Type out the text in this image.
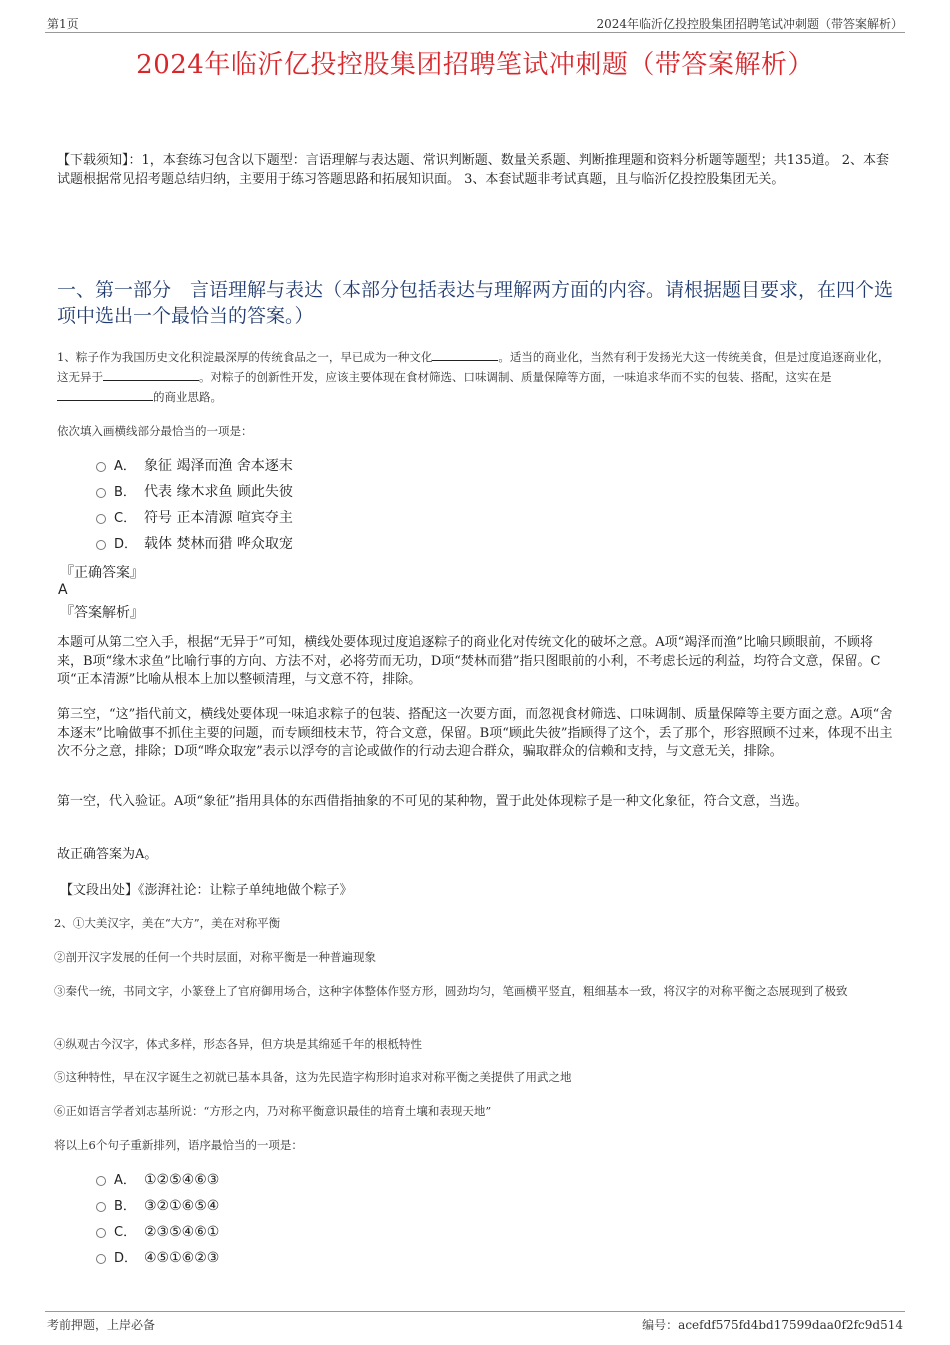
第1页	2024年临沂亿投控股集团招聘笔试冲刺题（带答案解析）
2024年临沂亿投控股集团招聘笔试冲刺题（带答案解析）
【下载须知】：1，本套练习包含以下题型：言语理解与表达题、常识判断题、数量关系题、判断推理题和资料分析题等题型；共135道。 2、本套试题根据常见招考题总结归纳，主要用于练习答题思路和拓展知识面。 3、本套试题非考试真题，且与临沂亿投控股集团无关。
一、第一部分　言语理解与表达（本部分包括表达与理解两方面的内容。请根据题目要求，在四个选项中选出一个最恰当的答案。）
1、粽子作为我国历史文化积淀最深厚的传统食品之一，早已成为一种文化	。适当的商业化，当然有利于发扬光大这一传统美食，但是过度追逐商业化，这无异于	。对粽子的创新性开发，应该主要体现在食材筛选、口味调制、质量保障等方面，一味追求华而不实的包装、搭配，这实在是的商业思路。
依次填入画横线部分最恰当的一项是：
A． 象征 竭泽而渔 舍本逐末
B． 代表 缘木求鱼 顾此失彼
C． 符号 正本清源 喧宾夺主
D． 载体 焚林而猎 哗众取宠
『正确答案』
A
『答案解析』
本题可从第二空入手，根据“无异于”可知，横线处要体现过度追逐粽子的商业化对传统文化的破坏之意。A项“竭泽而渔”比喻只顾眼前，不顾将来，B项“缘木求鱼”比喻行事的方向、方法不对，必将劳而无功，D项“焚林而猎”指只图眼前的小利，不考虑长远的利益，均符合文意，保留。C项“正本清源”比喻从根本上加以整顿清理，与文意不符，排除。
第三空，“这”指代前文，横线处要体现一味追求粽子的包装、搭配这一次要方面，而忽视食材筛选、口味调制、质量保障等主要方面之意。A项“舍本逐末”比喻做事不抓住主要的问题，而专顾细枝末节，符合文意，保留。B项“顾此失彼”指顾得了这个，丢了那个，形容照顾不过来，体现不出主次不分之意，排除；D项“哗众取宠”表示以浮夸的言论或做作的行动去迎合群众，骗取群众的信赖和支持，与文意无关，排除。
第一空，代入验证。A项“象征”指用具体的东西借指抽象的不可见的某种物，置于此处体现粽子是一种文化象征，符合文意，当选。
故正确答案为A。
【文段出处】《澎湃社论：让粽子单纯地做个粽子》
2、①大美汉字，美在“大方”，美在对称平衡
②剖开汉字发展的任何一个共时层面，对称平衡是一种普遍现象
③秦代一统，书同文字，小篆登上了官府御用场合，这种字体整体作竖方形，圆劲均匀，笔画横平竖直，粗细基本一致，将汉字的对称平衡之态展现到了极致
④纵观古今汉字，体式多样，形态各异，但方块是其绵延千年的根柢特性
⑤这种特性，早在汉字诞生之初就已基本具备，这为先民造字构形时追求对称平衡之美提供了用武之地
⑥正如语言学者刘志基所说：“方形之内，乃对称平衡意识最佳的培育土壤和表现天地”
将以上6个句子重新排列，语序最恰当的一项是：
A． ①②⑤④⑥③
B． ③②①⑥⑤④
C． ②③⑤④⑥①
D． ④⑤①⑥②③
考前押题，上岸必备	编号：acefdf575fd4bd17599daa0f2fc9d514
